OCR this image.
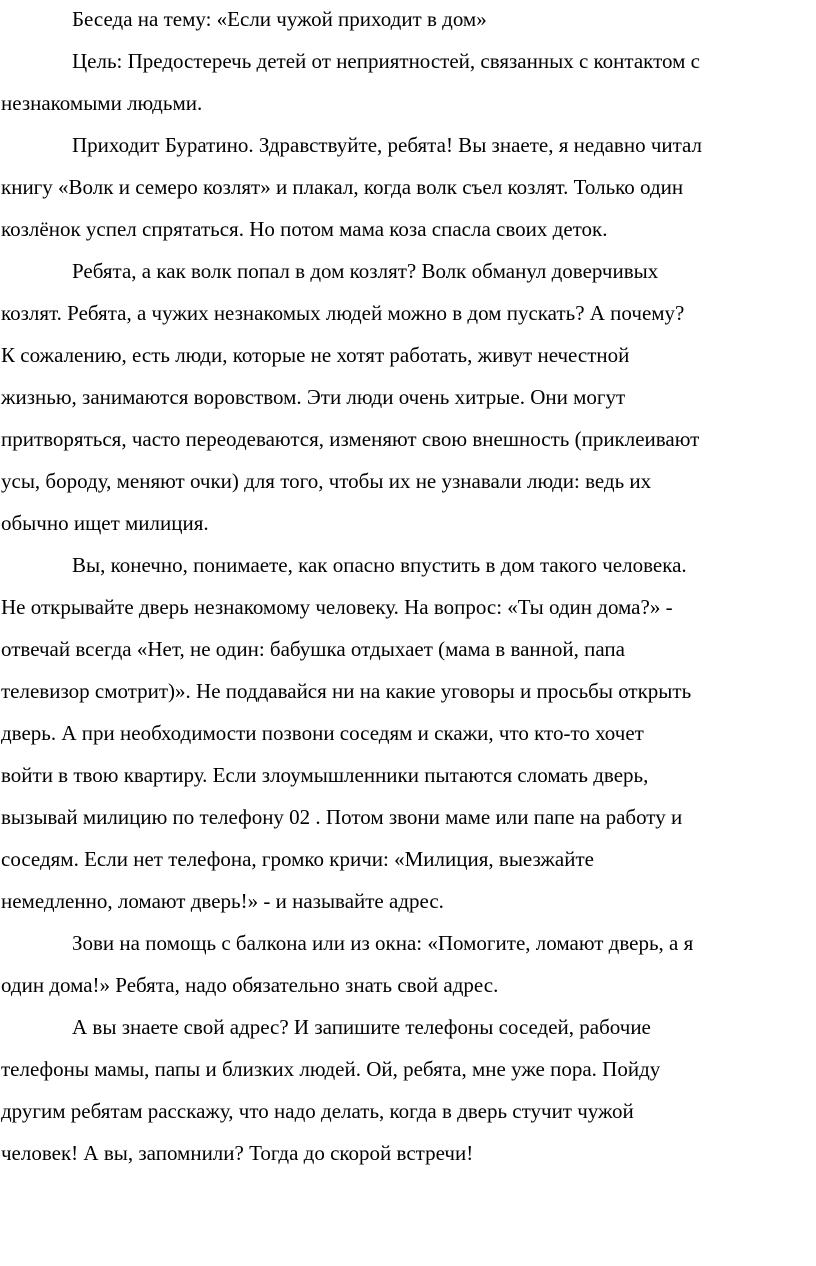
Беседа на тему: «Если чужой приходит в дом»
Цель: Предостеречь детей от неприятностей, связанных с контактом с
незнакомыми людьми.
Приходит Буратино. Здравствуйте, ребята! Вы знаете, я недавно читал
книгу «Волк и семеро козлят» и плакал, когда волк съел козлят. Только один
козлёнок успел спрятаться. Но потом мама коза спасла своих деток.
Ребята, а как волк попал в дом козлят? Волк обманул доверчивых
козлят. Ребята, а чужих незнакомых людей можно в дом пускать? А почему?
К сожалению, есть люди, которые не хотят работать, живут нечестной
жизнью, занимаются воровством. Эти люди очень хитрые. Они могут
притворяться, часто переодеваются, изменяют свою внешность (приклеивают
усы, бороду, меняют очки) для того, чтобы их не узнавали люди: ведь их
обычно ищет милиция.
Вы, конечно, понимаете, как опасно впустить в дом такого человека.
Не открывайте дверь незнакомому человеку. На вопрос: «Ты один дома?» -
отвечай всегда «Нет, не один: бабушка отдыхает (мама в ванной, папа
телевизор смотрит)». Не поддавайся ни на какие уговоры и просьбы открыть
дверь. А при необходимости позвони соседям и скажи, что кто-то хочет
войти в твою квартиру. Если злоумышленники пытаются сломать дверь,
вызывай милицию по телефону 02 . Потом звони маме или папе на работу и
соседям. Если нет телефона, громко кричи: «Милиция, выезжайте
немедленно, ломают дверь!» - и называйте адрес.
Зови на помощь с балкона или из окна: «Помогите, ломают дверь, а я
один дома!» Ребята, надо обязательно знать свой адрес.
А вы знаете свой адрес? И запишите телефоны соседей, рабочие
телефоны мамы, папы и близких людей. Ой, ребята, мне уже пора. Пойду
другим ребятам расскажу, что надо делать, когда в дверь стучит чужой
человек! А вы, запомнили? Тогда до скорой встречи!
